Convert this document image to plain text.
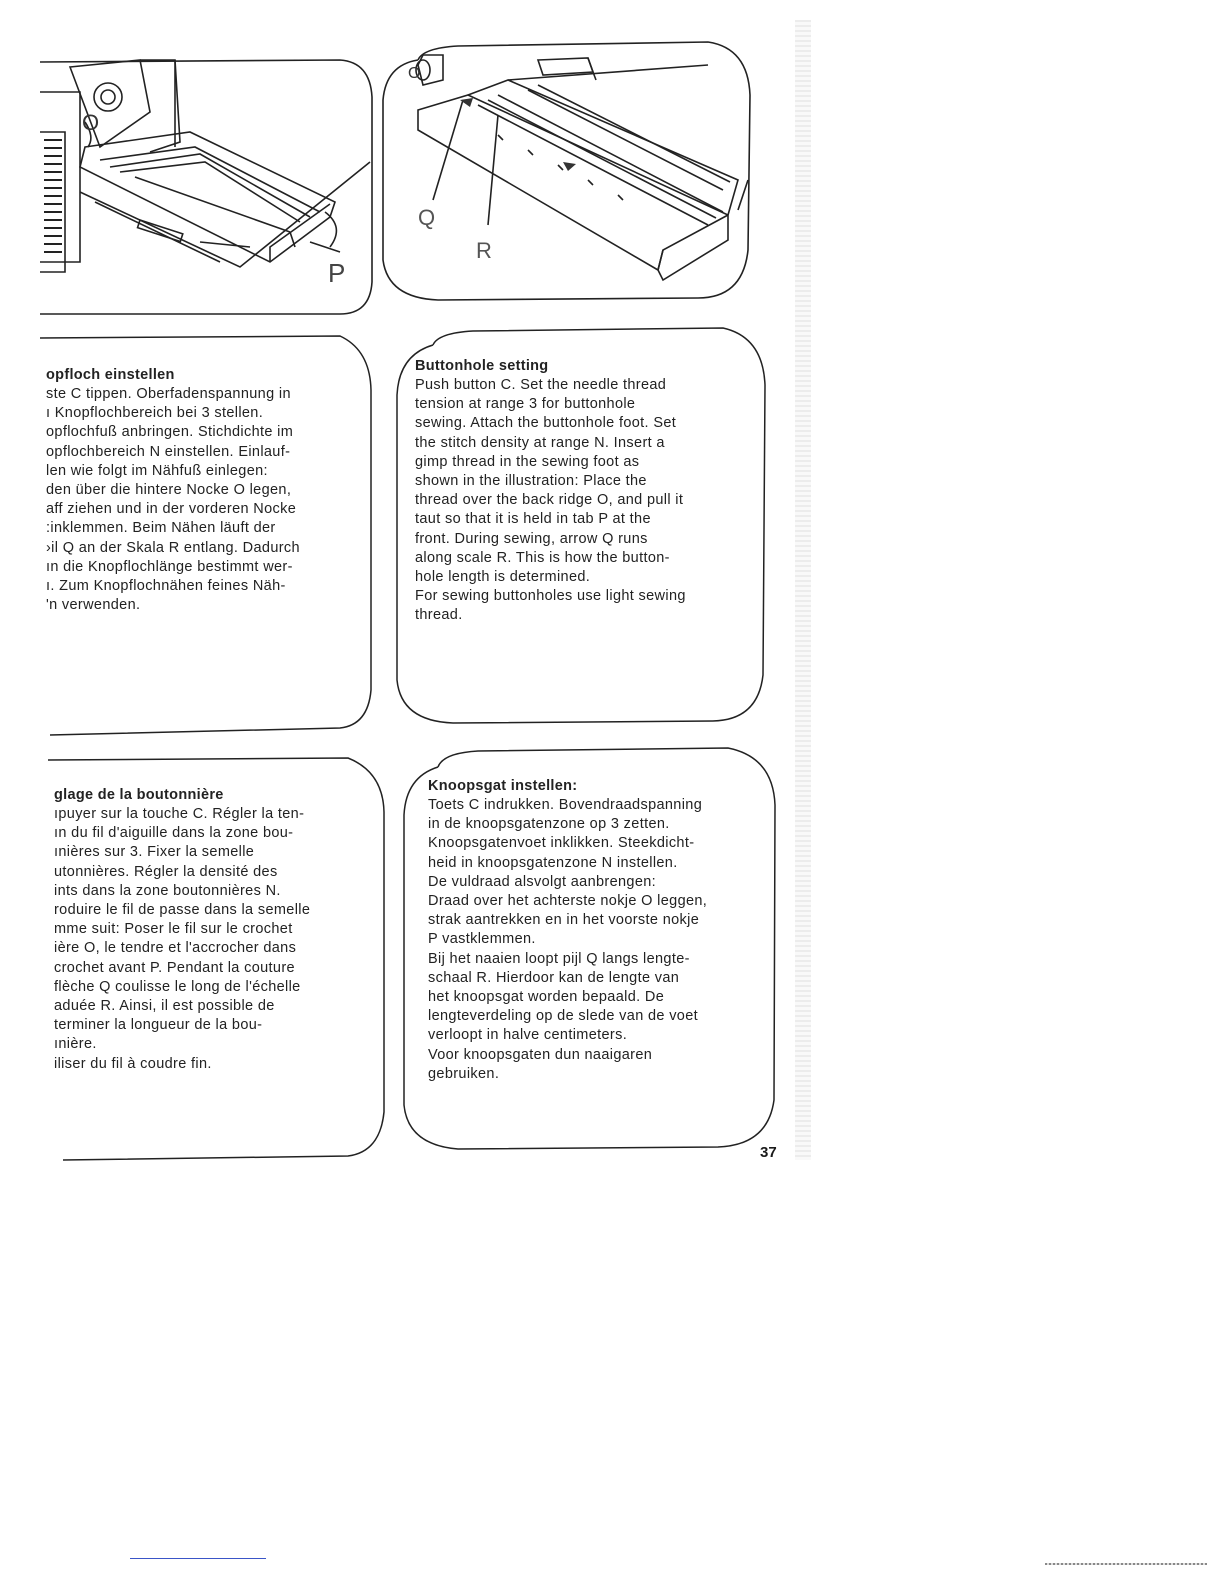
O
P
Q
R
O
opfloch einstellen

ste C tippen. Oberfadenspannung in
ı Knopflochbereich bei 3 stellen.
opflochfuß anbringen. Stichdichte im
opflochbereich N einstellen. Einlauf-
len wie folgt im Nähfuß einlegen:
den über die hintere Nocke O legen,
aff ziehen und in der vorderen Nocke
:inklemmen. Beim Nähen läuft der
›il Q an der Skala R entlang. Dadurch
ın die Knopflochlänge bestimmt wer-
ı. Zum Knopflochnähen feines Näh-
'n verwenden.

Buttonhole setting

Push button C. Set the needle thread
tension at range 3 for buttonhole
sewing. Attach the buttonhole foot. Set
the stitch density at range N. Insert a
gimp thread in the sewing foot as
shown in the illustration: Place the
thread over the back ridge O, and pull it
taut so that it is held in tab P at the
front. During sewing, arrow Q runs
along scale R. This is how the button-
hole length is determined.
For sewing buttonholes use light sewing
thread.

glage de la boutonnière

ıpuyer sur la touche C. Régler la ten-
ın du fil d'aiguille dans la zone bou-
ınières sur 3. Fixer la semelle
utonnières. Régler la densité des
ints dans la zone boutonnières N.
roduire le fil de passe dans la semelle
mme suit: Poser le fil sur le crochet
ière O, le tendre et l'accrocher dans
crochet avant P. Pendant la couture
flèche Q coulisse le long de l'échelle
aduée R. Ainsi, il est possible de
terminer la longueur de la bou-
ınière.
iliser du fil à coudre fin.

Knoopsgat instellen:

Toets C indrukken. Bovendraadspanning
in de knoopsgatenzone op 3 zetten.
Knoopsgatenvoet inklikken. Steekdicht-
heid in knoopsgatenzone N instellen.
De vuldraad alsvolgt aanbrengen:
Draad over het achterste nokje O leggen,
strak aantrekken en in het voorste nokje
P vastklemmen.
Bij het naaien loopt pijl Q langs lengte-
schaal R. Hierdoor kan de lengte van
het knoopsgat worden bepaald. De
lengteverdeling op de slede van de voet
verloopt in halve centimeters.
Voor knoopsgaten dun naaigaren
gebruiken.

37
